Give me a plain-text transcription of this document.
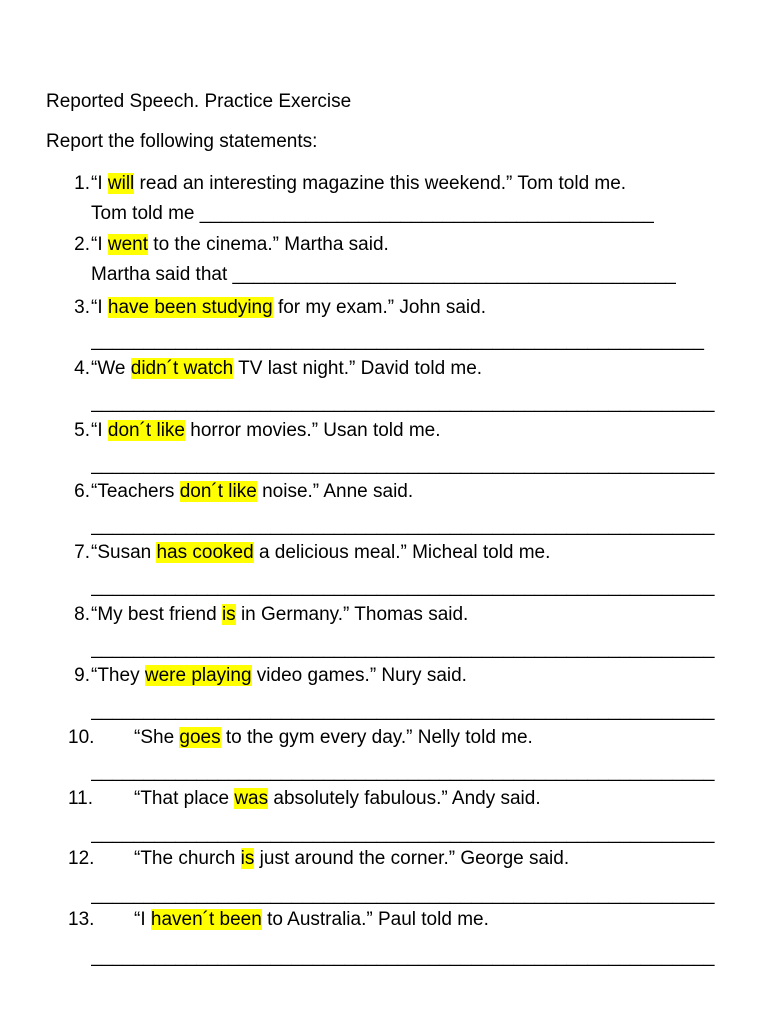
Reported Speech. Practice Exercise
Report the following statements:
1. “I will read an interesting magazine this weekend.” Tom told me.
Tom told me ___________________________________________
2. “I went to the cinema.” Martha said.
Martha said that __________________________________________
3. “I have been studying for my exam.” John said.
__________________________________________________________
4. “We didn´t watch TV last night.” David told me.
___________________________________________________________
5. “I don´t like horror movies.” Usan told me.
___________________________________________________________
6. “Teachers don´t like noise.” Anne said.
___________________________________________________________
7. “Susan has cooked a delicious meal.” Micheal told me.
___________________________________________________________
8. “My best friend is in Germany.” Thomas said.
___________________________________________________________
9. “They were playing video games.” Nury said.
___________________________________________________________
10. “She goes to the gym every day.” Nelly told me.
___________________________________________________________
11. “That place was absolutely fabulous.” Andy said.
___________________________________________________________
12. “The church is just around the corner.” George said.
___________________________________________________________
13. “I haven´t been to Australia.” Paul told me.
___________________________________________________________
